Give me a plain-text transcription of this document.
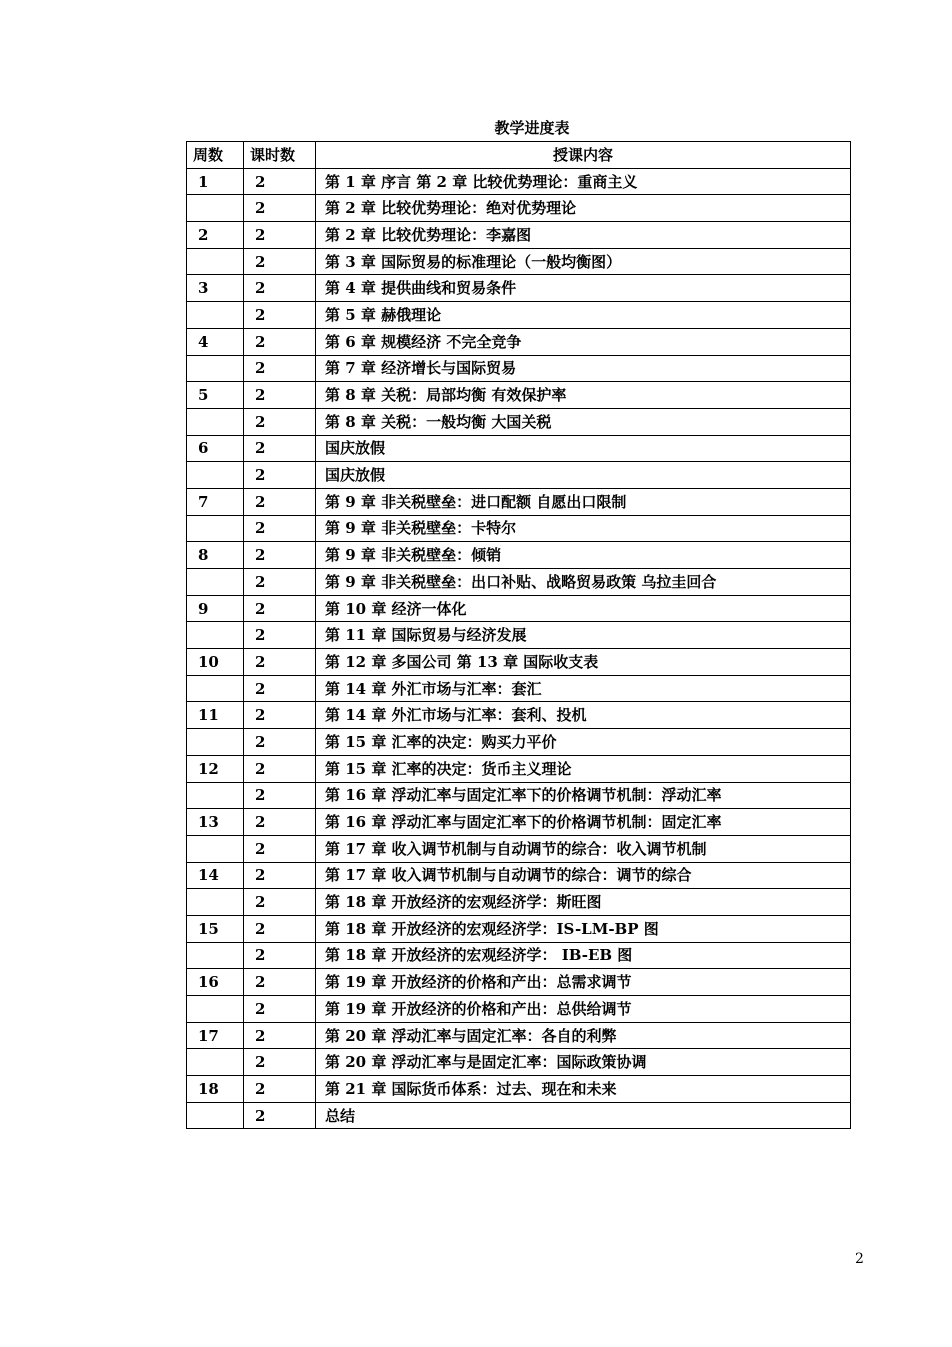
教学进度表
周数	课时数	授课内容
1	2	第 1 章 序言 第 2 章 比较优势理论：重商主义
	2	第 2 章 比较优势理论：绝对优势理论
2	2	第 2 章 比较优势理论：李嘉图
	2	第 3 章 国际贸易的标准理论（一般均衡图）
3	2	第 4 章 提供曲线和贸易条件
	2	第 5 章 赫俄理论
4	2	第 6 章 规模经济 不完全竞争
	2	第 7 章 经济增长与国际贸易
5	2	第 8 章 关税：局部均衡 有效保护率
	2	第 8 章 关税：一般均衡 大国关税
6	2	国庆放假
	2	国庆放假
7	2	第 9 章 非关税壁垒：进口配额 自愿出口限制
	2	第 9 章 非关税壁垒：卡特尔
8	2	第 9 章 非关税壁垒：倾销
	2	第 9 章 非关税壁垒：出口补贴、战略贸易政策 乌拉圭回合
9	2	第 10 章 经济一体化
	2	第 11 章 国际贸易与经济发展
10	2	第 12 章 多国公司 第 13 章 国际收支表
	2	第 14 章 外汇市场与汇率：套汇
11	2	第 14 章 外汇市场与汇率：套利、投机
	2	第 15 章 汇率的决定：购买力平价
12	2	第 15 章 汇率的决定：货币主义理论
	2	第 16 章 浮动汇率与固定汇率下的价格调节机制：浮动汇率
13	2	第 16 章 浮动汇率与固定汇率下的价格调节机制：固定汇率
	2	第 17 章 收入调节机制与自动调节的综合：收入调节机制
14	2	第 17 章 收入调节机制与自动调节的综合：调节的综合
	2	第 18 章 开放经济的宏观经济学：斯旺图
15	2	第 18 章 开放经济的宏观经济学：IS-LM-BP 图
	2	第 18 章 开放经济的宏观经济学： IB-EB 图
16	2	第 19 章 开放经济的价格和产出：总需求调节
	2	第 19 章 开放经济的价格和产出：总供给调节
17	2	第 20 章 浮动汇率与固定汇率：各自的利弊
	2	第 20 章 浮动汇率与是固定汇率：国际政策协调
18	2	第 21 章 国际货币体系：过去、现在和未来
	2	总结
2
